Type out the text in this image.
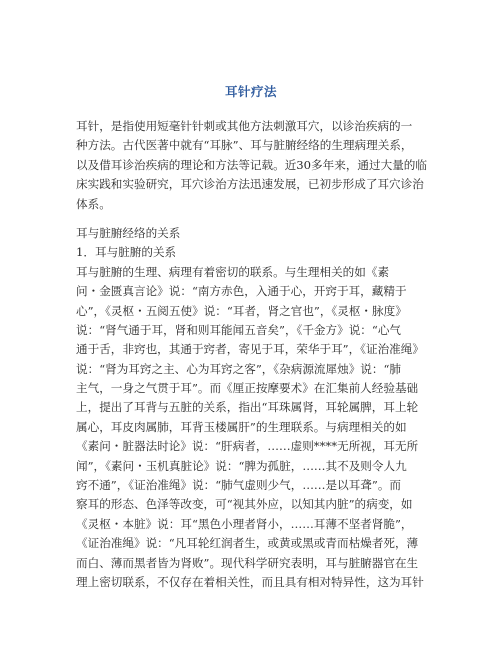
耳针疗法
耳针，是指使用短毫针针刺或其他方法刺激耳穴，以诊治疾病的一
种方法。古代医著中就有“耳脉”、耳与脏腑经络的生理病理关系，
以及借耳诊治疾病的理论和方法等记载。近30多年来，通过大量的临
床实践和实验研究，耳穴诊治方法迅速发展，已初步形成了耳穴诊治
体系。
耳与脏腑经络的关系
1．耳与脏腑的关系
耳与脏腑的生理、病理有着密切的联系。与生理相关的如《素
问・金匮真言论》说：“南方赤色，入通于心，开窍于耳，藏精于
心”，《灵枢・五阅五使》说：“耳者，肾之官也”，《灵枢・脉度》
说：“肾气通于耳，肾和则耳能闻五音矣”，《千金方》说：“心气
通于舌，非窍也，其通于窍者，寄见于耳，荣华于耳”，《证治准绳》
说：“肾为耳窍之主、心为耳窍之客”，《杂病源流犀烛》说：“肺
主气，一身之气贯于耳”。而《厘正按摩要术》在汇集前人经验基础
上，提出了耳背与五脏的关系，指出“耳珠属肾，耳轮属脾，耳上轮
属心，耳皮肉属肺，耳背玉楼属肝”的生理联系。与病理相关的如
《素问・脏器法时论》说：“肝病者，……虚则****无所视，耳无所
闻”，《素问・玉机真脏论》说：“脾为孤脏，……其不及则令人九
窍不通”，《证治准绳》说：“肺气虚则少气，……是以耳聋”。而
察耳的形态、色泽等改变，可“视其外应，以知其内脏”的病变，如
《灵枢・本脏》说：耳“黑色小理者肾小，……耳薄不坚者肾脆”，
《证治准绳》说：“凡耳轮红润者生，或黄或黑或青而枯燥者死，薄
而白、薄而黑者皆为肾败”。现代科学研究表明，耳与脏腑器官在生
理上密切联系，不仅存在着相关性，而且具有相对特异性，这为耳针
